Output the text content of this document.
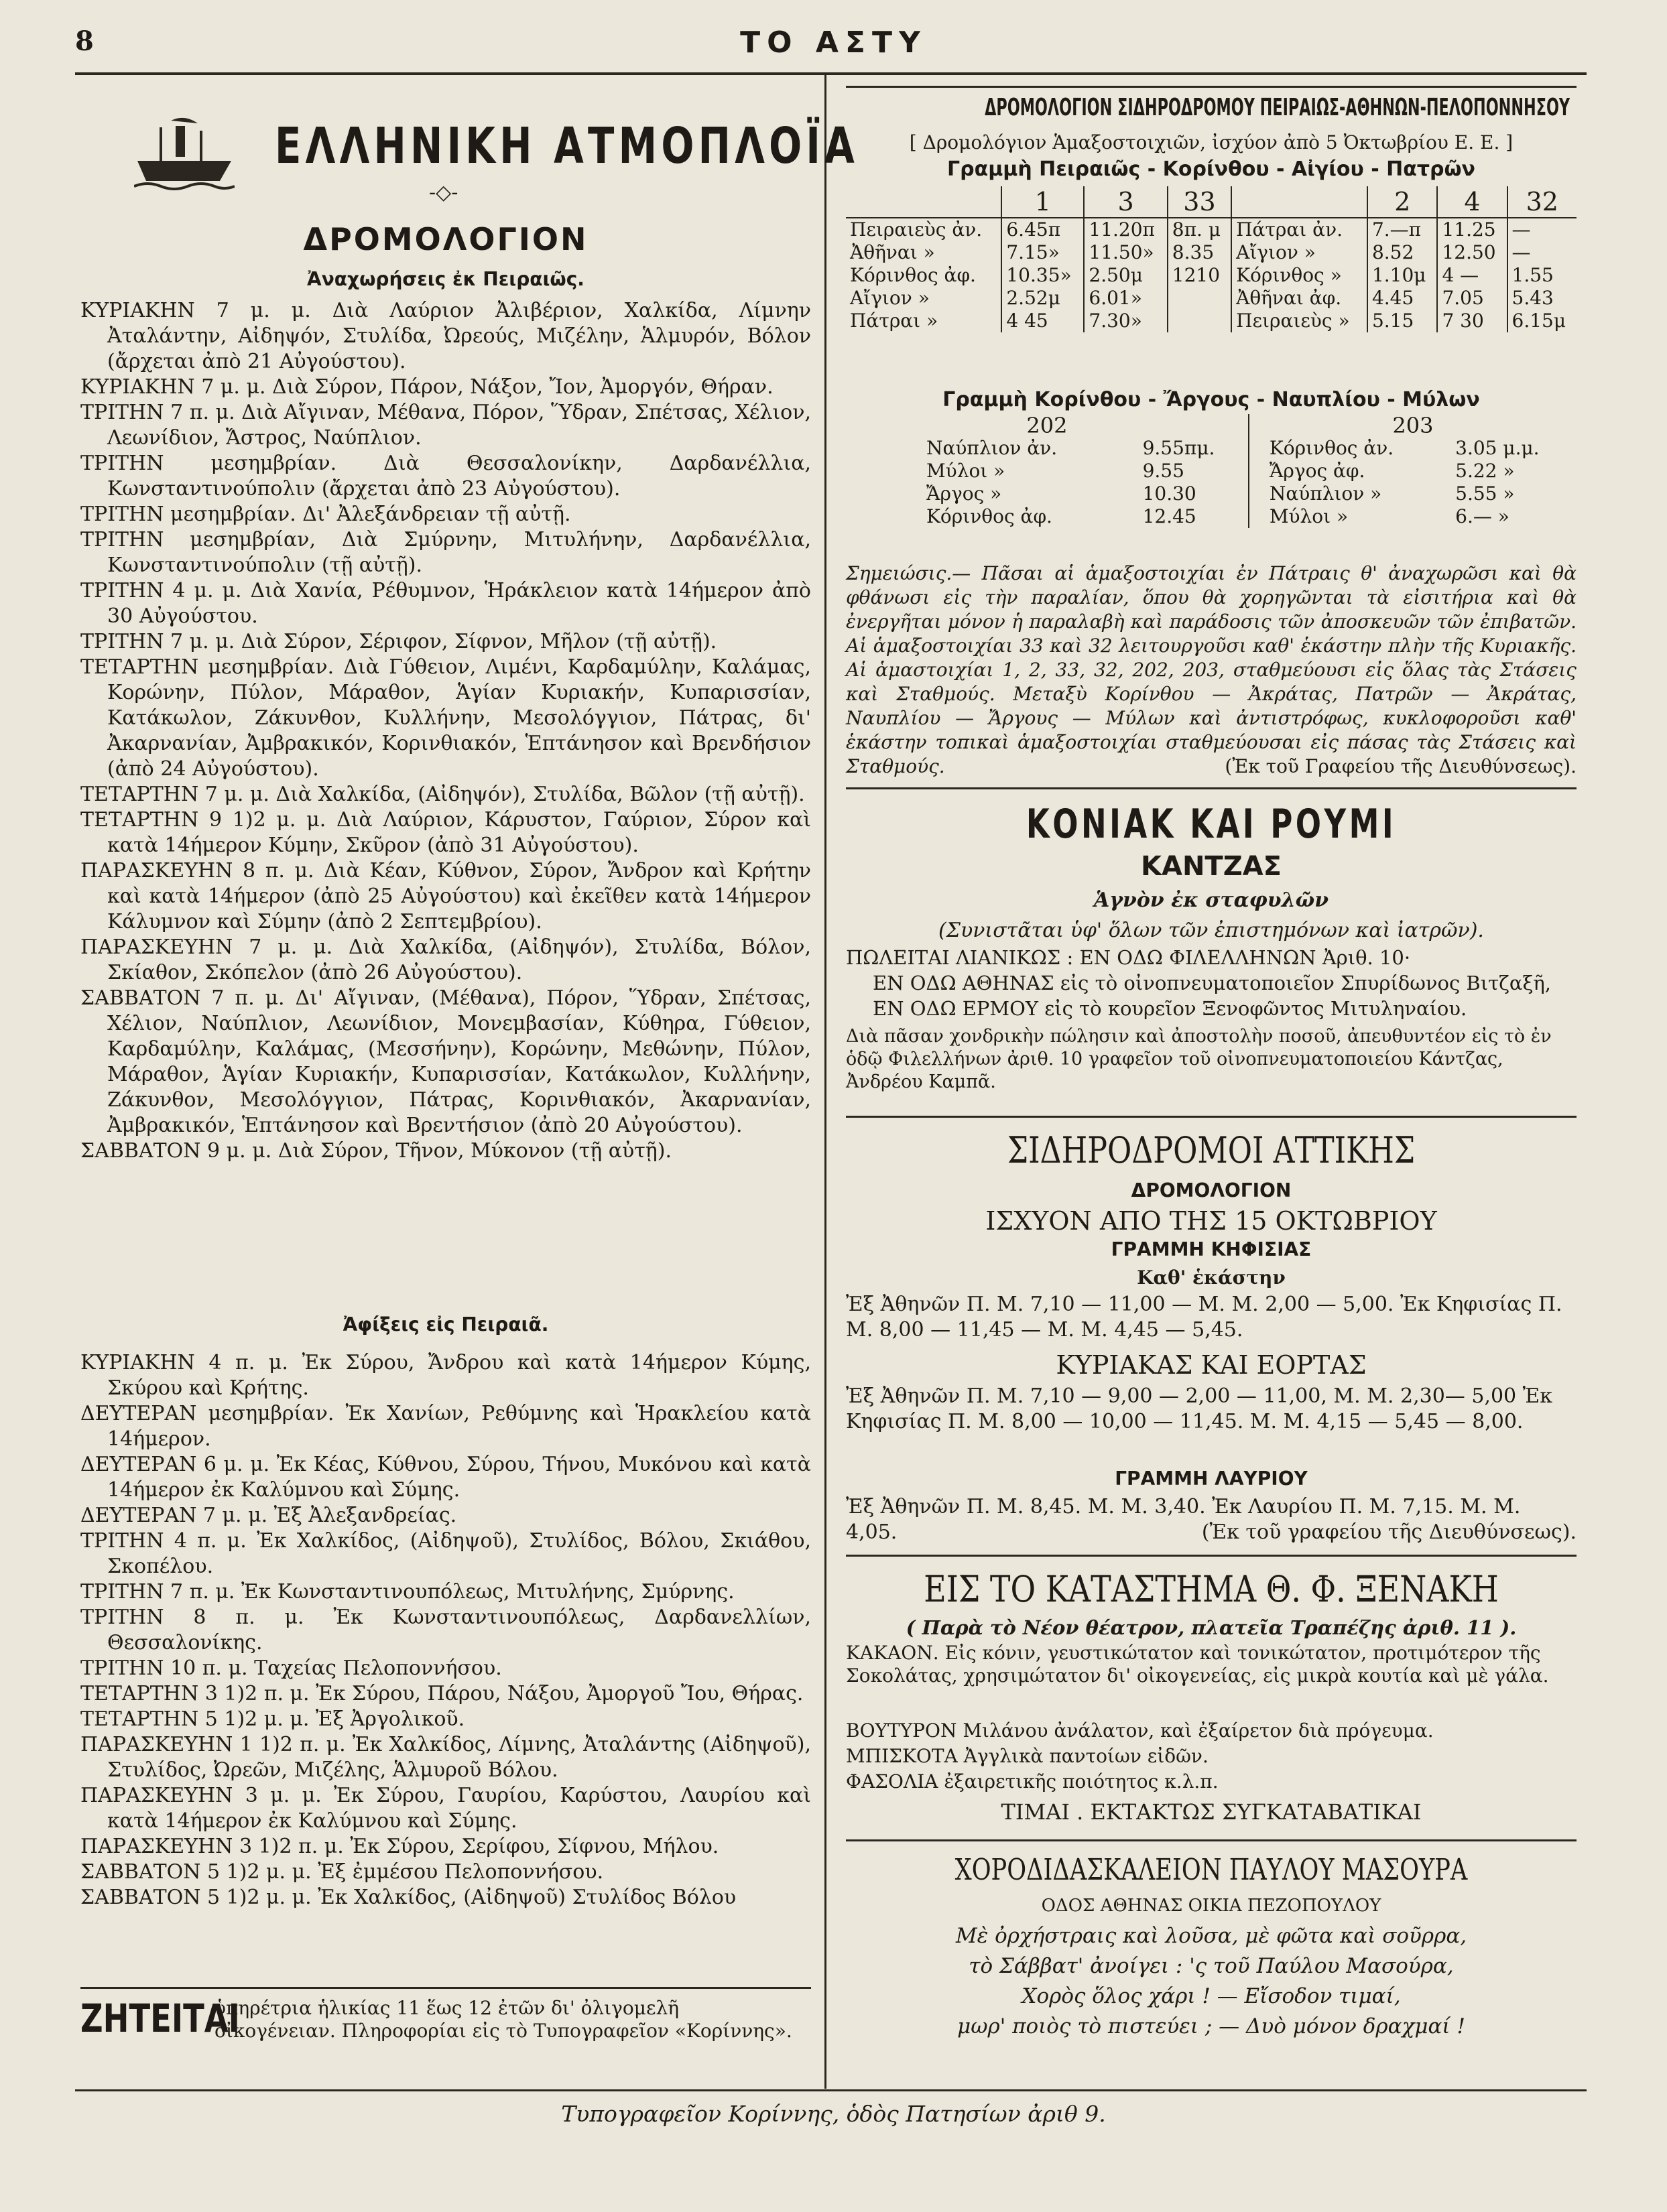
8	ΤΟ ΑΣΤΥ
ΕΛΛΗΝΙΚΗ ΑΤΜΟΠΛΟΪΑ
-◇-
ΔΡΟΜΟΛΟΓΙΟΝ
Ἀναχωρήσεις ἐκ Πειραιῶς.
ΚΥΡΙΑΚΗΝ 7 μ. μ. Διὰ Λαύριον Ἀλιβέριον, Χαλκίδα, Λίμνην Ἀταλάντην, Αἰδηψόν, Στυλίδα, Ὠρεούς, Μιζέλην, Ἁλμυρόν, Βόλον (ἄρχεται ἀπὸ 21 Αὐγούστου).
ΚΥΡΙΑΚΗΝ 7 μ. μ. Διὰ Σύρον, Πάρον, Νάξον, Ἴον, Ἀμοργόν, Θήραν.
ΤΡΙΤΗΝ 7 π. μ. Διὰ Αἴγιναν, Μέθανα, Πόρον, Ὕδραν, Σπέτσας, Χέλιον, Λεωνίδιον, Ἄστρος, Ναύπλιον.
ΤΡΙΤΗΝ μεσημβρίαν. Διὰ Θεσσαλονίκην, Δαρδανέλλια, Κωνσταντινούπολιν (ἄρχεται ἀπὸ 23 Αὐγούστου).
ΤΡΙΤΗΝ μεσημβρίαν. Δι' Ἀλεξάνδρειαν τῇ αὐτῇ.
ΤΡΙΤΗΝ μεσημβρίαν, Διὰ Σμύρνην, Μιτυλήνην, Δαρδανέλλια, Κωνσταντινούπολιν (τῇ αὐτῇ).
ΤΡΙΤΗΝ 4 μ. μ. Διὰ Χανία, Ρέθυμνον, Ἡράκλειον κατὰ 14ήμερον ἀπὸ 30 Αὐγούστου.
ΤΡΙΤΗΝ 7 μ. μ. Διὰ Σύρον, Σέριφον, Σίφνον, Μῆλον (τῇ αὐτῇ).
ΤΕΤΑΡΤΗΝ μεσημβρίαν. Διὰ Γύθειον, Λιμένι, Καρδαμύλην, Καλάμας, Κορώνην, Πύλον, Μάραθον, Ἁγίαν Κυριακήν, Κυπαρισσίαν, Κατάκωλον, Ζάκυνθον, Κυλλήνην, Μεσολόγγιον, Πάτρας, δι' Ἀκαρνανίαν, Ἀμβρακικόν, Κορινθιακόν, Ἑπτάνησον καὶ Βρενδήσιον (ἀπὸ 24 Αὐγούστου).
ΤΕΤΑΡΤΗΝ 7 μ. μ. Διὰ Χαλκίδα, (Αἰδηψόν), Στυλίδα, Βῶλον (τῇ αὐτῇ).
ΤΕΤΑΡΤΗΝ 9 1)2 μ. μ. Διὰ Λαύριον, Κάρυστον, Γαύριον, Σύρον καὶ κατὰ 14ήμερον Κύμην, Σκῦρον (ἀπὸ 31 Αὐγούστου).
ΠΑΡΑΣΚΕΥΗΝ 8 π. μ. Διὰ Κέαν, Κύθνον, Σύρον, Ἄνδρον καὶ Κρήτην καὶ κατὰ 14ήμερον (ἀπὸ 25 Αὐγούστου) καὶ ἐκεῖθεν κατὰ 14ήμερον Κάλυμνον καὶ Σύμην (ἀπὸ 2 Σεπτεμβρίου).
ΠΑΡΑΣΚΕΥΗΝ 7 μ. μ. Διὰ Χαλκίδα, (Αἰδηψόν), Στυλίδα, Βόλον, Σκίαθον, Σκόπελον (ἀπὸ 26 Αὐγούστου).
ΣΑΒΒΑΤΟΝ 7 π. μ. Δι' Αἴγιναν, (Μέθανα), Πόρον, Ὕδραν, Σπέτσας, Χέλιον, Ναύπλιον, Λεωνίδιον, Μονεμβασίαν, Κύθηρα, Γύθειον, Καρδαμύλην, Καλάμας, (Μεσσήνην), Κορώνην, Μεθώνην, Πύλον, Μάραθον, Ἁγίαν Κυριακήν, Κυπαρισσίαν, Κατάκωλον, Κυλλήνην, Ζάκυνθον, Μεσολόγγιον, Πάτρας, Κορινθιακόν, Ἀκαρνανίαν, Ἀμβρακικόν, Ἑπτάνησον καὶ Βρεντήσιον (ἀπὸ 20 Αὐγούστου).
ΣΑΒΒΑΤΟΝ 9 μ. μ. Διὰ Σύρον, Τῆνον, Μύκονον (τῇ αὐτῇ).
Ἀφίξεις εἰς Πειραιᾶ.
ΚΥΡΙΑΚΗΝ 4 π. μ. Ἐκ Σύρου, Ἄνδρου καὶ κατὰ 14ήμερον Κύμης, Σκύρου καὶ Κρήτης.
ΔΕΥΤΕΡΑΝ μεσημβρίαν. Ἐκ Χανίων, Ρεθύμνης καὶ Ἡρακλείου κατὰ 14ήμερον.
ΔΕΥΤΕΡΑΝ 6 μ. μ. Ἐκ Κέας, Κύθνου, Σύρου, Τήνου, Μυκόνου καὶ κατὰ 14ήμερον ἐκ Καλύμνου καὶ Σύμης.
ΔΕΥΤΕΡΑΝ 7 μ. μ. Ἐξ Ἀλεξανδρείας.
ΤΡΙΤΗΝ 4 π. μ. Ἐκ Χαλκίδος, (Αἰδηψοῦ), Στυλίδος, Βόλου, Σκιάθου, Σκοπέλου.
ΤΡΙΤΗΝ 7 π. μ. Ἐκ Κωνσταντινουπόλεως, Μιτυλήνης, Σμύρνης.
ΤΡΙΤΗΝ 8 π. μ. Ἐκ Κωνσταντινουπόλεως, Δαρδανελλίων, Θεσσαλονίκης.
ΤΡΙΤΗΝ 10 π. μ. Ταχείας Πελοποννήσου.
ΤΕΤΑΡΤΗΝ 3 1)2 π. μ. Ἐκ Σύρου, Πάρου, Νάξου, Ἀμοργοῦ Ἴου, Θήρας.
ΤΕΤΑΡΤΗΝ 5 1)2 μ. μ. Ἐξ Ἀργολικοῦ.
ΠΑΡΑΣΚΕΥΗΝ 1 1)2 π. μ. Ἐκ Χαλκίδος, Λίμνης, Ἀταλάντης (Αἰδηψοῦ), Στυλίδος, Ὠρεῶν, Μιζέλης, Ἁλμυροῦ Βόλου.
ΠΑΡΑΣΚΕΥΗΝ 3 μ. μ. Ἐκ Σύρου, Γαυρίου, Καρύστου, Λαυρίου καὶ κατὰ 14ήμερον ἐκ Καλύμνου καὶ Σύμης.
ΠΑΡΑΣΚΕΥΗΝ 3 1)2 π. μ. Ἐκ Σύρου, Σερίφου, Σίφνου, Μήλου.
ΣΑΒΒΑΤΟΝ 5 1)2 μ. μ. Ἐξ ἐμμέσου Πελοποννήσου.
ΣΑΒΒΑΤΟΝ 5 1)2 μ. μ. Ἐκ Χαλκίδος, (Αἰδηψοῦ) Στυλίδος Βόλου
ΖΗΤΕΙΤΑΙ
ὑπηρέτρια ἡλικίας 11 ἕως 12 ἐτῶν δι' ὀλιγομελῆ οἰκογένειαν. Πληροφορίαι εἰς τὸ Τυπογραφεῖον «Κορίννης».
ΔΡΟΜΟΛΟΓΙΟΝ ΣΙΔΗΡΟΔΡΟΜΟΥ ΠΕΙΡΑΙΩΣ-ΑΘΗΝΩΝ-ΠΕΛΟΠΟΝΝΗΣΟΥ
[ Δρομολόγιον Ἁμαξοστοιχιῶν, ἰσχύον ἀπὸ 5 Ὀκτωβρίου Ε. Ε. ]
Γραμμὴ Πειραιῶς - Κορίνθου - Αἰγίου - Πατρῶν
	1	3	33		2	4	32
Πειραιεὺς ἀν.	6.45π	11.20π	8π. μ	Πάτραι ἀν.	7.—π	11.25	—
Ἀθῆναι »	7.15»	11.50»	8.35	Αἴγιον »	8.52	12.50	—
Κόρινθος ἀφ.	10.35»	2.50μ	1210	Κόρινθος »	1.10μ	4 —	1.55
Αἴγιον »	2.52μ	6.01»		Ἀθῆναι ἀφ.	4.45	7.05	5.43
Πάτραι »	4 45	7.30»		Πειραιεὺς »	5.15	7 30	6.15μ
Γραμμὴ Κορίνθου - Ἄργους - Ναυπλίου - Μύλων
202		203	
Ναύπλιον ἀν.	9.55πμ.	Κόρινθος ἀν.	3.05 μ.μ.
Μύλοι »	9.55	Ἄργος ἀφ.	5.22 »
Ἄργος »	10.30	Ναύπλιον »	5.55 »
Κόρινθος ἀφ.	12.45	Μύλοι »	6.— »
Σημειώσις.— Πᾶσαι αἱ ἁμαξοστοιχίαι ἐν Πάτραις θ' ἀναχωρῶσι καὶ θὰ φθάνωσι εἰς τὴν παραλίαν, ὅπου θὰ χορηγῶνται τὰ εἰσιτήρια καὶ θὰ ἐνεργῆται μόνον ἡ παραλαβὴ καὶ παράδοσις τῶν ἀποσκευῶν τῶν ἐπιβατῶν. Αἱ ἁμαξοστοιχίαι 33 καὶ 32 λειτουργοῦσι καθ' ἑκάστην πλὴν τῆς Κυριακῆς. Αἱ ἁμαστοιχίαι 1, 2, 33, 32, 202, 203, σταθμεύουσι εἰς ὅλας τὰς Στάσεις καὶ Σταθμούς. Μεταξὺ Κορίνθου — Ἀκράτας, Πατρῶν — Ἀκράτας, Ναυπλίου — Ἄργους — Μύλων καὶ ἀντιστρόφως, κυκλοφοροῦσι καθ' ἑκάστην τοπικαὶ ἁμαξοστοιχίαι σταθμεύουσαι εἰς πάσας τὰς Στάσεις καὶ Σταθμούς.	(Ἐκ τοῦ Γραφείου τῆς Διευθύνσεως).
ΚΟΝΙΑΚ ΚΑΙ ΡΟΥΜΙ
ΚΑΝΤΖΑΣ
Ἁγνὸν ἐκ σταφυλῶν
(Συνιστᾶται ὑφ' ὅλων τῶν ἐπιστημόνων καὶ ἰατρῶν).
ΠΩΛΕΙΤΑΙ ΛΙΑΝΙΚΩΣ : ΕΝ ΟΔΩ ΦΙΛΕΛΛΗΝΩΝ Ἀριθ. 10·
ΕΝ ΟΔΩ ΑΘΗΝΑΣ εἰς τὸ οἰνοπνευματοποιεῖον Σπυρίδωνος Βιτζαξῆ,
ΕΝ ΟΔΩ ΕΡΜΟΥ εἰς τὸ κουρεῖον Ξενοφῶντος Μιτυληναίου.
Διὰ πᾶσαν χονδρικὴν πώλησιν καὶ ἀποστολὴν ποσοῦ, ἀπευθυντέον εἰς τὸ ἐν ὁδῷ Φιλελλήνων ἀριθ. 10 γραφεῖον τοῦ οἰνοπνευματοποιείου Κάντζας, Ἀνδρέου Καμπᾶ.
ΣΙΔΗΡΟΔΡΟΜΟΙ ΑΤΤΙΚΗΣ
ΔΡΟΜΟΛΟΓΙΟΝ
ΙΣΧΥΟΝ ΑΠΟ ΤΗΣ 15 ΟΚΤΩΒΡΙΟΥ
ΓΡΑΜΜΗ ΚΗΦΙΣΙΑΣ
Καθ' ἑκάστην
Ἐξ Ἀθηνῶν Π. Μ. 7,10 — 11,00 — Μ. Μ. 2,00 — 5,00. Ἐκ Κηφισίας Π. Μ. 8,00 — 11,45 — Μ. Μ. 4,45 — 5,45.
ΚΥΡΙΑΚΑΣ ΚΑΙ ΕΟΡΤΑΣ
Ἐξ Ἀθηνῶν Π. Μ. 7,10 — 9,00 — 2,00 — 11,00, Μ. Μ. 2,30— 5,00 Ἐκ Κηφισίας Π. Μ. 8,00 — 10,00 — 11,45. Μ. Μ. 4,15 — 5,45 — 8,00.
ΓΡΑΜΜΗ ΛΑΥΡΙΟΥ
Ἐξ Ἀθηνῶν Π. Μ. 8,45. Μ. Μ. 3,40. Ἐκ Λαυρίου Π. Μ. 7,15. Μ. Μ. 4,05.	(Ἐκ τοῦ γραφείου τῆς Διευθύνσεως).
ΕΙΣ ΤΟ ΚΑΤΑΣΤΗΜΑ Θ. Φ. ΞΕΝΑΚΗ
( Παρὰ τὸ Νέον θέατρον, πλατεῖα Τραπέζης ἀριθ. 11 ).
ΚΑΚΑΟΝ. Εἰς κόνιν, γευστικώτατον καὶ τονικώτατον, προτιμότερον τῆς Σοκολάτας, χρησιμώτατον δι' οἰκογενείας, εἰς μικρὰ κουτία καὶ μὲ γάλα.
ΒΟΥΤΥΡΟΝ Μιλάνου ἀνάλατον, καὶ ἐξαίρετον διὰ πρόγευμα.
ΜΠΙΣΚΟΤΑ Ἀγγλικὰ παντοίων εἰδῶν.
ΦΑΣΟΛΙΑ ἐξαιρετικῆς ποιότητος κ.λ.π.
ΤΙΜΑΙ . ΕΚΤΑΚΤΩΣ ΣΥΓΚΑΤΑΒΑΤΙΚΑΙ
ΧΟΡΟΔΙΔΑΣΚΑΛΕΙΟΝ ΠΑΥΛΟΥ ΜΑΣΟΥΡΑ
ΟΔΟΣ ΑΘΗΝΑΣ ΟΙΚΙΑ ΠΕΖΟΠΟΥΛΟΥ
Μὲ ὀρχήστραις καὶ λοῦσα, μὲ φῶτα καὶ σοῦρρα,
τὸ Σάββατ' ἀνοίγει : 'ς τοῦ Παύλου Μασούρα,
Χορὸς ὅλος χάρι ! — Εἴσοδον τιμαί,
μωρ' ποιὸς τὸ πιστεύει ; — Δυὸ μόνον δραχμαί !
Τυπογραφεῖον Κορίννης, ὁδὸς Πατησίων ἀριθ 9.
